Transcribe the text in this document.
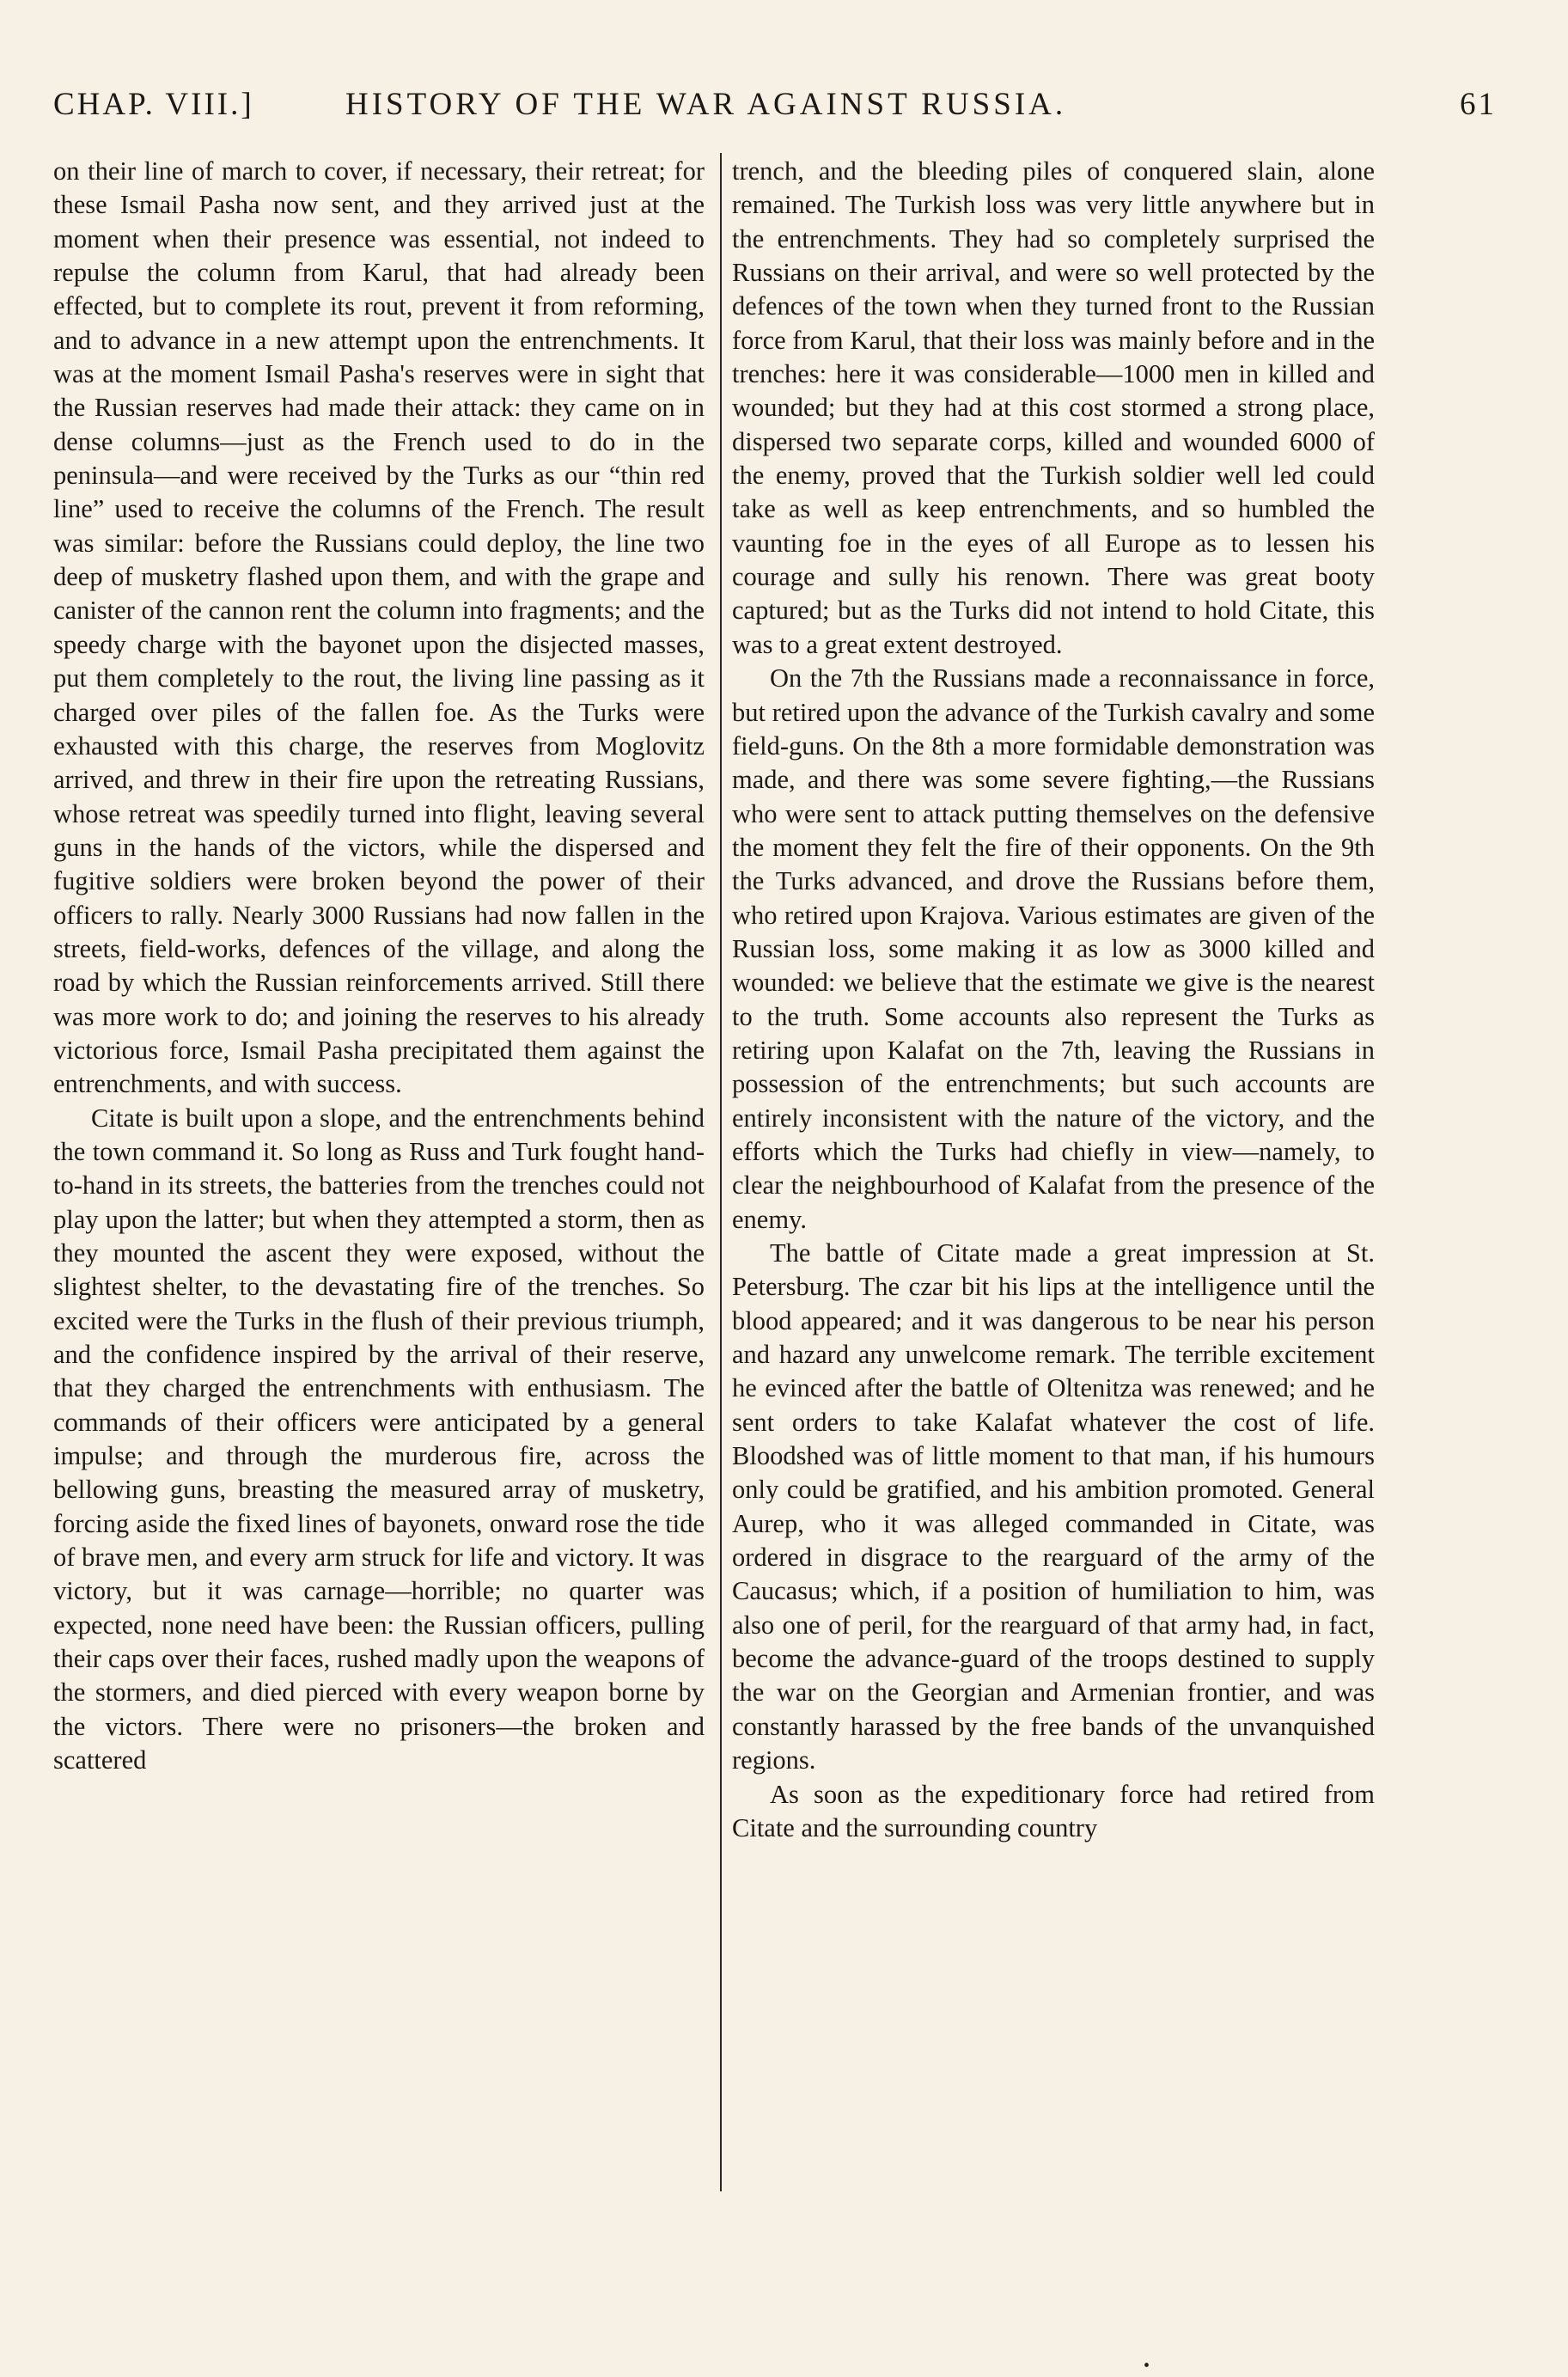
CHAP. VIII.]	HISTORY OF THE WAR AGAINST RUSSIA.	61

on their line of march to cover, if necessary, their retreat; for these Ismail Pasha now sent, and they arrived just at the moment when their presence was essential, not indeed to repulse the column from Karul, that had already been effected, but to complete its rout, prevent it from reforming, and to advance in a new attempt upon the entrenchments. It was at the moment Ismail Pasha's reserves were in sight that the Russian reserves had made their attack: they came on in dense columns—just as the French used to do in the peninsula—and were received by the Turks as our “thin red line” used to receive the columns of the French. The result was similar: before the Russians could deploy, the line two deep of musketry flashed upon them, and with the grape and canister of the cannon rent the column into fragments; and the speedy charge with the bayonet upon the disjected masses, put them completely to the rout, the living line passing as it charged over piles of the fallen foe. As the Turks were exhausted with this charge, the reserves from Moglovitz arrived, and threw in their fire upon the retreating Russians, whose retreat was speedily turned into flight, leaving several guns in the hands of the victors, while the dispersed and fugitive soldiers were broken beyond the power of their officers to rally. Nearly 3000 Russians had now fallen in the streets, field-works, defences of the village, and along the road by which the Russian reinforcements arrived. Still there was more work to do; and joining the reserves to his already victorious force, Ismail Pasha precipitated them against the entrenchments, and with success.

Citate is built upon a slope, and the entrenchments behind the town command it. So long as Russ and Turk fought hand-to-hand in its streets, the batteries from the trenches could not play upon the latter; but when they attempted a storm, then as they mounted the ascent they were exposed, without the slightest shelter, to the devastating fire of the trenches. So excited were the Turks in the flush of their previous triumph, and the confidence inspired by the arrival of their reserve, that they charged the entrenchments with enthusiasm. The commands of their officers were anticipated by a general impulse; and through the murderous fire, across the bellowing guns, breasting the measured array of musketry, forcing aside the fixed lines of bayonets, onward rose the tide of brave men, and every arm struck for life and victory. It was victory, but it was carnage—horrible; no quarter was expected, none need have been: the Russian officers, pulling their caps over their faces, rushed madly upon the weapons of the stormers, and died pierced with every weapon borne by the victors. There were no prisoners—the broken and scattered

trench, and the bleeding piles of conquered slain, alone remained. The Turkish loss was very little anywhere but in the entrenchments. They had so completely surprised the Russians on their arrival, and were so well protected by the defences of the town when they turned front to the Russian force from Karul, that their loss was mainly before and in the trenches: here it was considerable—1000 men in killed and wounded; but they had at this cost stormed a strong place, dispersed two separate corps, killed and wounded 6000 of the enemy, proved that the Turkish soldier well led could take as well as keep entrenchments, and so humbled the vaunting foe in the eyes of all Europe as to lessen his courage and sully his renown. There was great booty captured; but as the Turks did not intend to hold Citate, this was to a great extent destroyed.

On the 7th the Russians made a reconnaissance in force, but retired upon the advance of the Turkish cavalry and some field-guns. On the 8th a more formidable demonstration was made, and there was some severe fighting,—the Russians who were sent to attack putting themselves on the defensive the moment they felt the fire of their opponents. On the 9th the Turks advanced, and drove the Russians before them, who retired upon Krajova. Various estimates are given of the Russian loss, some making it as low as 3000 killed and wounded: we believe that the estimate we give is the nearest to the truth. Some accounts also represent the Turks as retiring upon Kalafat on the 7th, leaving the Russians in possession of the entrenchments; but such accounts are entirely inconsistent with the nature of the victory, and the efforts which the Turks had chiefly in view—namely, to clear the neighbourhood of Kalafat from the presence of the enemy.

The battle of Citate made a great impression at St. Petersburg. The czar bit his lips at the intelligence until the blood appeared; and it was dangerous to be near his person and hazard any unwelcome remark. The terrible excitement he evinced after the battle of Oltenitza was renewed; and he sent orders to take Kalafat whatever the cost of life. Bloodshed was of little moment to that man, if his humours only could be gratified, and his ambition promoted. General Aurep, who it was alleged commanded in Citate, was ordered in disgrace to the rearguard of the army of the Caucasus; which, if a position of humiliation to him, was also one of peril, for the rearguard of that army had, in fact, become the advance-guard of the troops destined to supply the war on the Georgian and Armenian frontier, and was constantly harassed by the free bands of the unvanquished regions.

As soon as the expeditionary force had retired from Citate and the surrounding country

•
